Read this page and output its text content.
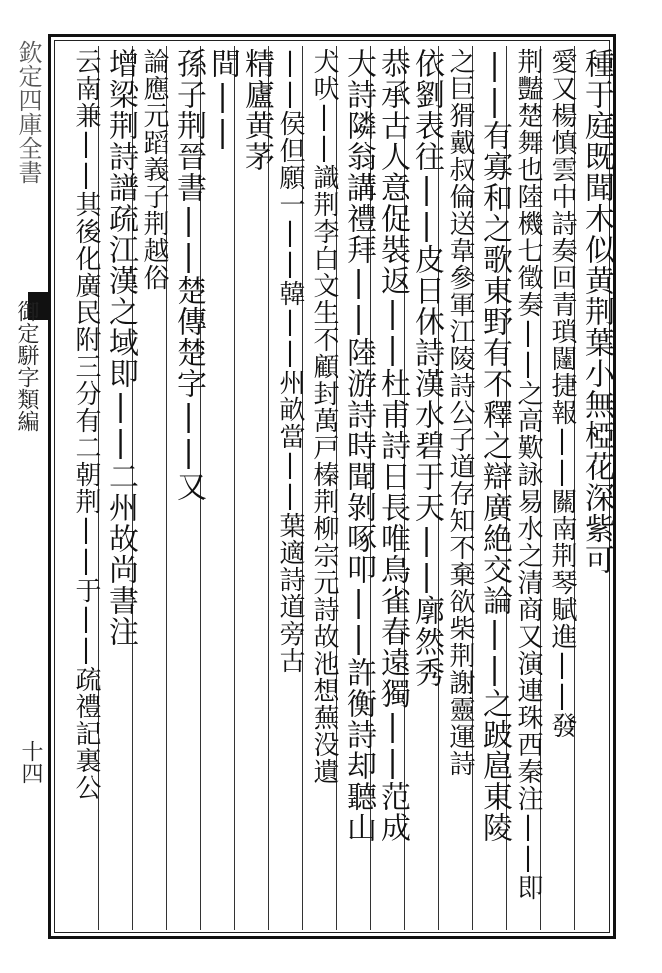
欽定四庫全書
御定駢字類編
十四
種于庭既聞木似黄荆葉小無椏花深紫可
愛又楊慎雲中詩奏回青瑣闥捷報||關南荆琴賦進||發
荆豔楚舞也陸機七徵奏||之高歎詠易水之清商又演連珠西秦注||即
||有寡和之歌東野有不釋之辯廣絶交論||之跛扈東陵
之巨猾戴叔倫送韋參軍江陵詩公子道存知不棄欲柴荆謝靈運詩
依劉表往||皮日休詩漢水碧于天||廓然秀
恭承古人意促裝返||杜甫詩日長唯鳥雀春遠獨||范成
大詩隣翁講禮拜||陸游詩時聞剝啄叩||許衡詩却聽山
犬吠||識荆李白文生不顧封萬戸榛荆柳宗元詩故池想蕪没遺
||侯但願一||韓||州畝當||葉適詩道旁古
精廬黄茅
間||
孫子荆晉書||楚傳楚字||又
論應元蹈義子荆越俗
增梁荆詩譜疏江漢之域即||二州故尚書注
云南兼||其後化廣民附三分有二朝荆||于||疏禮記裏公
